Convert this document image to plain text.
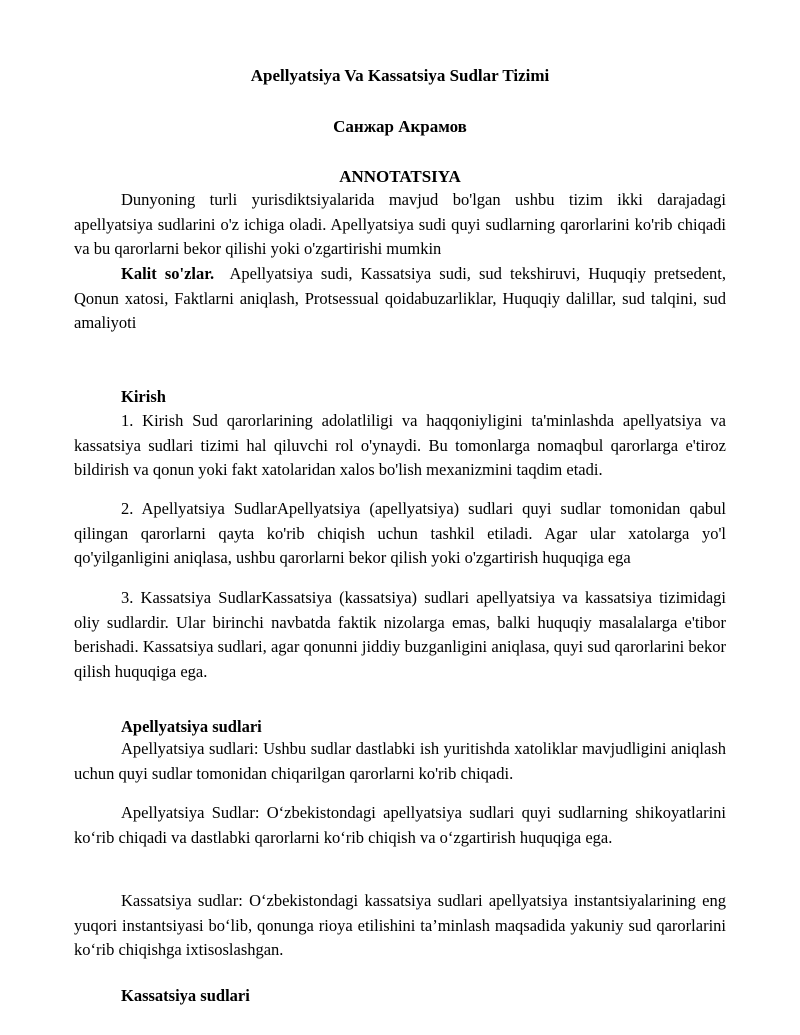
Apellyatsiya Va Kassatsiya Sudlar Tizimi
Санжар Акрамов
ANNOTATSIYA

Dunyoning turli yurisdiktsiyalarida mavjud bo'lgan ushbu tizim ikki darajadagi apellyatsiya sudlarini o'z ichiga oladi. Apellyatsiya sudi quyi sudlarning qarorlarini ko'rib chiqadi va bu qarorlarni bekor qilishi yoki o'zgartirishi mumkin

Kalit so'zlar. Apellyatsiya sudi, Kassatsiya sudi, sud tekshiruvi, Huquqiy pretsedent, Qonun xatosi, Faktlarni aniqlash, Protsessual qoidabuzarliklar, Huquqiy dalillar, sud talqini, sud amaliyoti

Kirish

1. Kirish Sud qarorlarining adolatliligi va haqqoniyligini ta'minlashda apellyatsiya va kassatsiya sudlari tizimi hal qiluvchi rol o'ynaydi. Bu tomonlarga nomaqbul qarorlarga e'tiroz bildirish va qonun yoki fakt xatolaridan xalos bo'lish mexanizmini taqdim etadi.

2. Apellyatsiya SudlarApellyatsiya (apellyatsiya) sudlari quyi sudlar tomonidan qabul qilingan qarorlarni qayta ko'rib chiqish uchun tashkil etiladi. Agar ular xatolarga yo'l qo'yilganligini aniqlasa, ushbu qarorlarni bekor qilish yoki o'zgartirish huquqiga ega

3. Kassatsiya SudlarKassatsiya (kassatsiya) sudlari apellyatsiya va kassatsiya tizimidagi oliy sudlardir. Ular birinchi navbatda faktik nizolarga emas, balki huquqiy masalalarga e'tibor berishadi. Kassatsiya sudlari, agar qonunni jiddiy buzganligini aniqlasa, quyi sud qarorlarini bekor qilish huquqiga ega.

Apellyatsiya sudlari

Apellyatsiya sudlari: Ushbu sudlar dastlabki ish yuritishda xatoliklar mavjudligini aniqlash uchun quyi sudlar tomonidan chiqarilgan qarorlarni ko'rib chiqadi.

Apellyatsiya Sudlar: O‘zbekistondagi apellyatsiya sudlari quyi sudlarning shikoyatlarini ko‘rib chiqadi va dastlabki qarorlarni ko‘rib chiqish va o‘zgartirish huquqiga ega.

Kassatsiya sudlar: O‘zbekistondagi kassatsiya sudlari apellyatsiya instantsiyalarining eng yuqori instantsiyasi bo‘lib, qonunga rioya etilishini ta’minlash maqsadida yakuniy sud qarorlarini ko‘rib chiqishga ixtisoslashgan.

Kassatsiya sudlari
